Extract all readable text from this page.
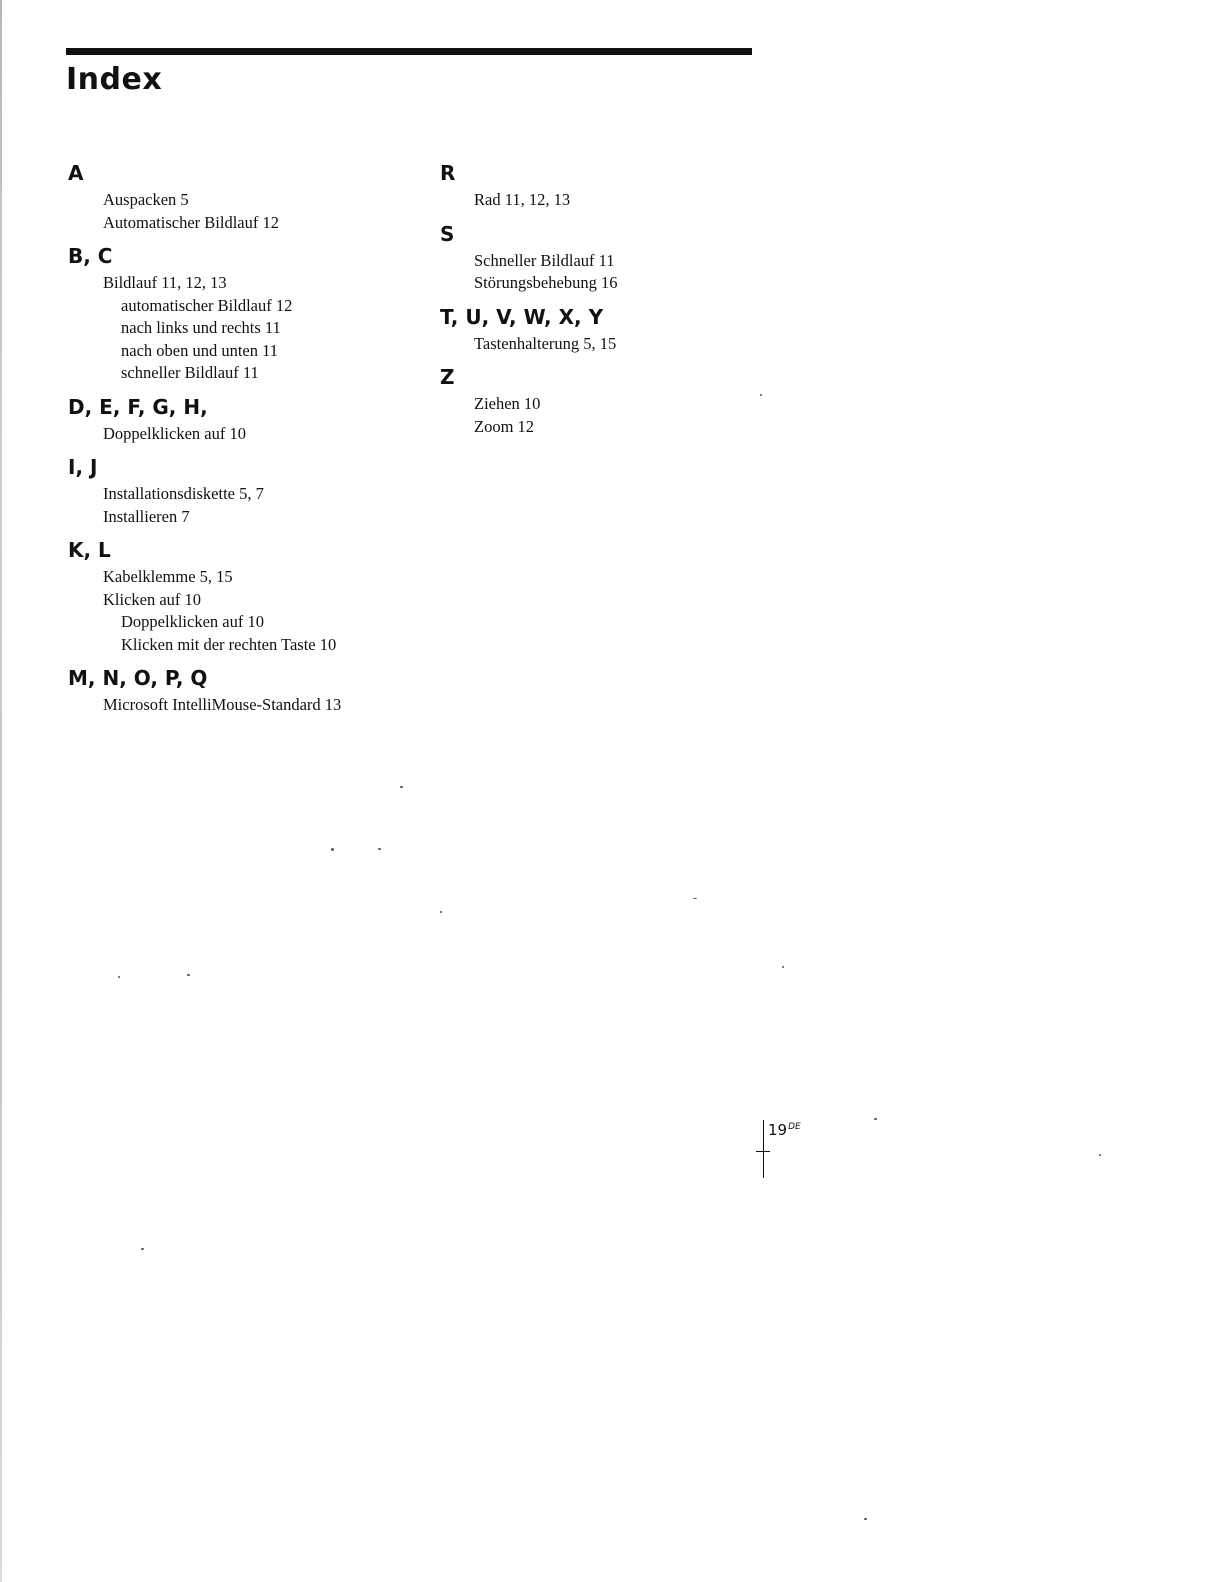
Index
A
Auspacken 5
Automatischer Bildlauf 12
B, C
Bildlauf 11, 12, 13
automatischer Bildlauf 12
nach links und rechts 11
nach oben und unten 11
schneller Bildlauf 11
D, E, F, G, H,
Doppelklicken auf 10
I, J
Installationsdiskette 5, 7
Installieren 7
K, L
Kabelklemme 5, 15
Klicken auf 10
Doppelklicken auf 10
Klicken mit der rechten Taste 10
M, N, O, P, Q
Microsoft IntelliMouse-Standard 13
R
Rad 11, 12, 13
S
Schneller Bildlauf 11
Störungsbehebung 16
T, U, V, W, X, Y
Tastenhalterung 5, 15
Z
Ziehen 10
Zoom 12
19DE
